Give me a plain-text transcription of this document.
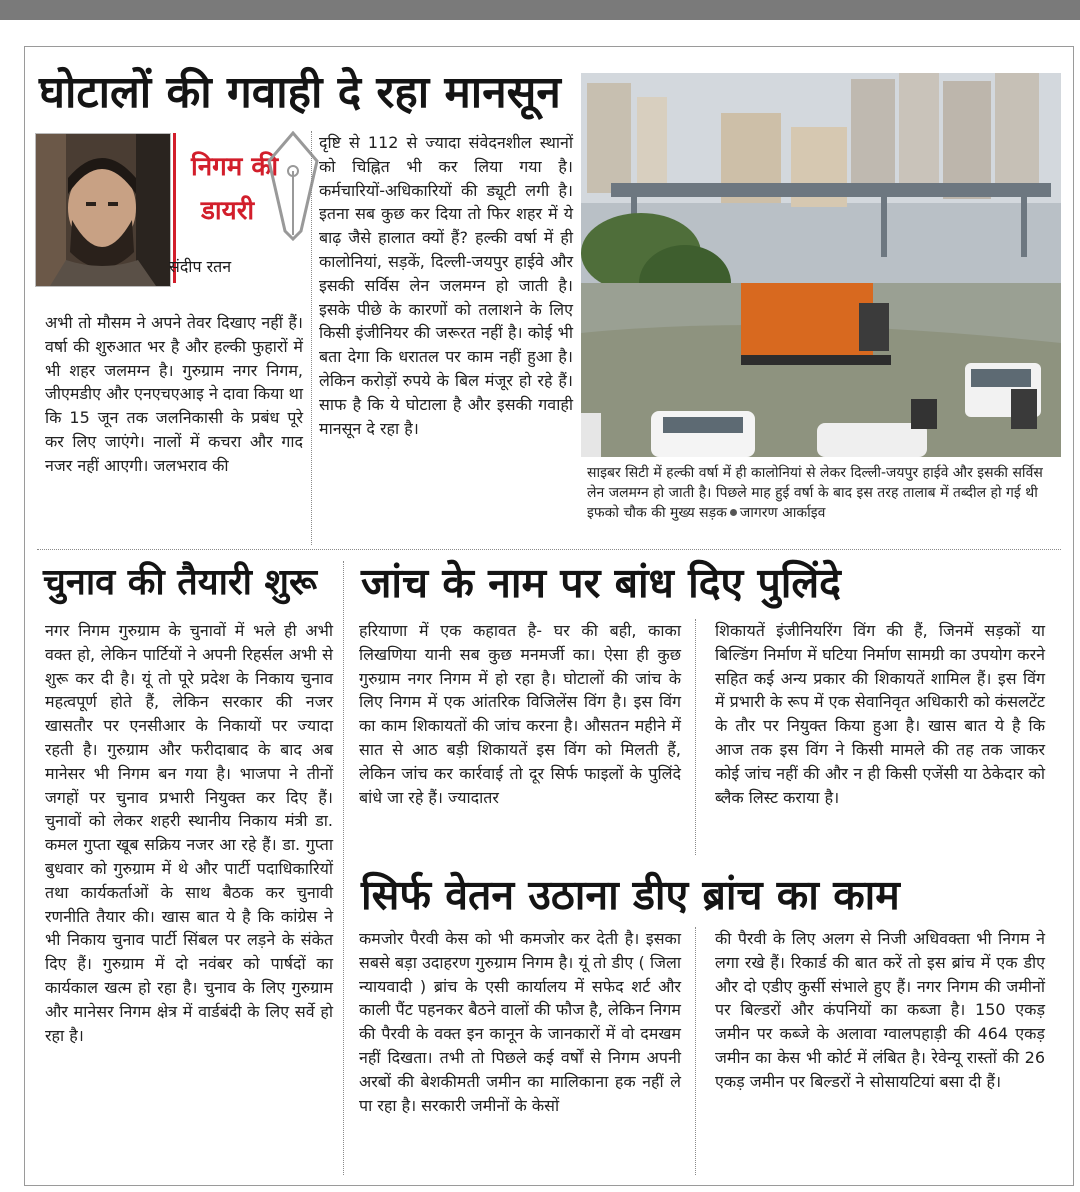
घोटालों की गवाही दे रहा मानसून
निगम की
डायरी
संदीप रतन
अभी तो मौसम ने अपने तेवर दिखाए नहीं हैं। वर्षा की शुरुआत भर है और हल्की फुहारों में भी शहर जलमग्न है। गुरुग्राम नगर निगम, जीएमडीए और एनएचएआइ ने दावा किया था कि 15 जून तक जलनिकासी के प्रबंध पूरे कर लिए जाएंगे। नालों में कचरा और गाद नजर नहीं आएगी। जलभराव की
दृष्टि से 112 से ज्यादा संवेदनशील स्थानों को चिह्नित भी कर लिया गया है। कर्मचारियों-अधिकारियों की ड्यूटी लगी है। इतना सब कुछ कर दिया तो फिर शहर में ये बाढ़ जैसे हालात क्यों हैं? हल्की वर्षा में ही कालोनियां, सड़कें, दिल्ली-जयपुर हाईवे और इसकी सर्विस लेन जलमग्न हो जाती है। इसके पीछे के कारणों को तलाशने के लिए किसी इंजीनियर की जरूरत नहीं है। कोई भी बता देगा कि धरातल पर काम नहीं हुआ है। लेकिन करोड़ों रुपये के बिल मंजूर हो रहे हैं। साफ है कि ये घोटाला है और इसकी गवाही मानसून दे रहा है।
साइबर सिटी में हल्की वर्षा में ही कालोनियां से लेकर दिल्ली-जयपुर हाईवे और इसकी सर्विस लेन जलमग्न हो जाती है। पिछले माह हुई वर्षा के बाद इस तरह तालाब में तब्दील हो गई थी इफको चौक की मुख्य सड़क जागरण आर्काइव
चुनाव की तैयारी शुरू
नगर निगम गुरुग्राम के चुनावों में भले ही अभी वक्त हो, लेकिन पार्टियों ने अपनी रिहर्सल अभी से शुरू कर दी है। यूं तो पूरे प्रदेश के निकाय चुनाव महत्वपूर्ण होते हैं, लेकिन सरकार की नजर खासतौर पर एनसीआर के निकायों पर ज्यादा रहती है। गुरुग्राम और फरीदाबाद के बाद अब मानेसर भी निगम बन गया है। भाजपा ने तीनों जगहों पर चुनाव प्रभारी नियुक्त कर दिए हैं। चुनावों को लेकर शहरी स्थानीय निकाय मंत्री डा. कमल गुप्ता खूब सक्रिय नजर आ रहे हैं। डा. गुप्ता बुधवार को गुरुग्राम में थे और पार्टी पदाधिकारियों तथा कार्यकर्ताओं के साथ बैठक कर चुनावी रणनीति तैयार की। खास बात ये है कि कांग्रेस ने भी निकाय चुनाव पार्टी सिंबल पर लड़ने के संकेत दिए हैं। गुरुग्राम में दो नवंबर को पार्षदों का कार्यकाल खत्म हो रहा है। चुनाव के लिए गुरुग्राम और मानेसर निगम क्षेत्र में वार्डबंदी के लिए सर्वे हो रहा है।
जांच के नाम पर बांध दिए पुलिंदे
हरियाणा में एक कहावत है- घर की बही, काका लिखणिया यानी सब कुछ मनमर्जी का। ऐसा ही कुछ गुरुग्राम नगर निगम में हो रहा है। घोटालों की जांच के लिए निगम में एक आंतरिक विजिलेंस विंग है। इस विंग का काम शिकायतों की जांच करना है। औसतन महीने में सात से आठ बड़ी शिकायतें इस विंग को मिलती हैं, लेकिन जांच कर कार्रवाई तो दूर सिर्फ फाइलों के पुलिंदे बांधे जा रहे हैं। ज्यादातर
शिकायतें इंजीनियरिंग विंग की हैं, जिनमें सड़कों या बिल्डिंग निर्माण में घटिया निर्माण सामग्री का उपयोग करने सहित कई अन्य प्रकार की शिकायतें शामिल हैं। इस विंग में प्रभारी के रूप में एक सेवानिवृत अधिकारी को कंसलटेंट के तौर पर नियुक्त किया हुआ है। खास बात ये है कि आज तक इस विंग ने किसी मामले की तह तक जाकर कोई जांच नहीं की और न ही किसी एजेंसी या ठेकेदार को ब्लैक लिस्ट कराया है।
सिर्फ वेतन उठाना डीए ब्रांच का काम
कमजोर पैरवी केस को भी कमजोर कर देती है। इसका सबसे बड़ा उदाहरण गुरुग्राम निगम है। यूं तो डीए ( जिला न्यायवादी ) ब्रांच के एसी कार्यालय में सफेद शर्ट और काली पैंट पहनकर बैठने वालों की फौज है, लेकिन निगम की पैरवी के वक्त इन कानून के जानकारों में वो दमखम नहीं दिखता। तभी तो पिछले कई वर्षों से निगम अपनी अरबों की बेशकीमती जमीन का मालिकाना हक नहीं ले पा रहा है। सरकारी जमीनों के केसों
की पैरवी के लिए अलग से निजी अधिवक्ता भी निगम ने लगा रखे हैं। रिकार्ड की बात करें तो इस ब्रांच में एक डीए और दो एडीए कुर्सी संभाले हुए हैं। नगर निगम की जमीनों पर बिल्डरों और कंपनियों का कब्जा है। 150 एकड़ जमीन पर कब्जे के अलावा ग्वालपहाड़ी की 464 एकड़ जमीन का केस भी कोर्ट में लंबित है। रेवेन्यू रास्तों की 26 एकड़ जमीन पर बिल्डरों ने सोसायटियां बसा दी हैं।
